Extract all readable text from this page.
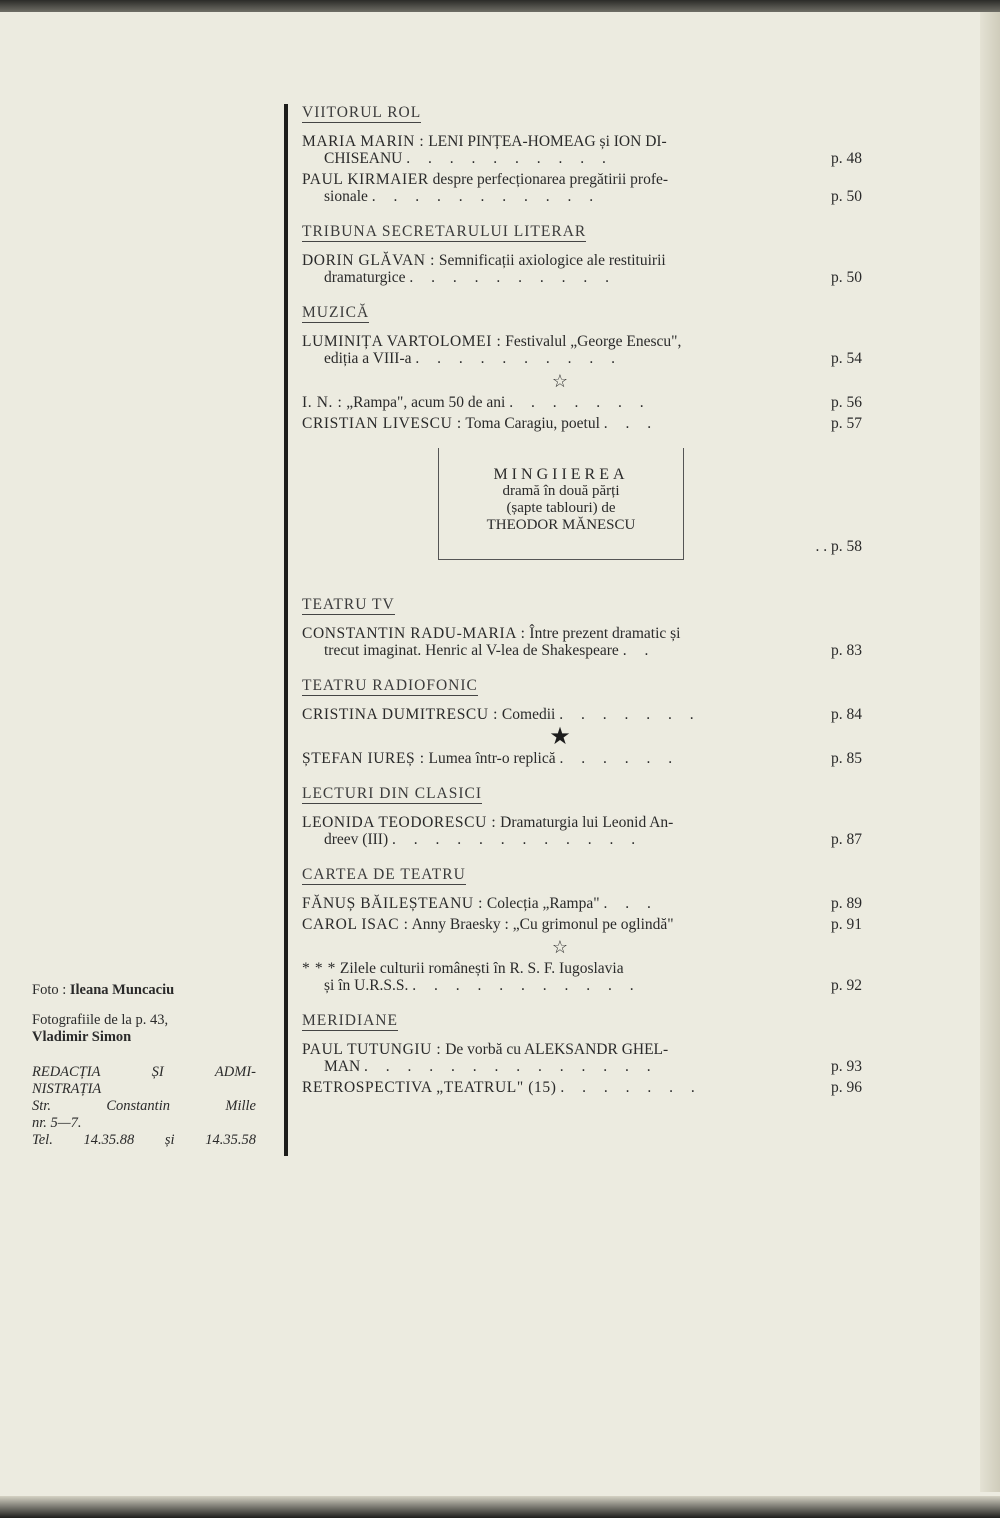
Foto : Ileana Muncaciu

Fotografiile de la p. 43,
Vladimir Simon

REDACȚIA	ȘI	ADMI-

NISTRAȚIA

Str.	Constantin	Mille

nr. 5—7.

Tel. 14.35.88 și 14.35.58

VIITORUL ROL
MARIA MARIN : LENI PINȚEA-HOMEAG și ION DI-
CHISEANU . . . . . . . . . .	p. 48
PAUL KIRMAIER despre perfecționarea pregătirii profe-
sionale . . . . . . . . . . .	p. 50
TRIBUNA SECRETARULUI LITERAR
DORIN GLĂVAN : Semnificații axiologice ale restituirii
dramaturgice . . . . . . . . . .	p. 50
MUZICĂ
LUMINIȚA VARTOLOMEI : Festivalul „George Enescu",
ediția a VIII-a . . . . . . . . . .	p. 54
☆
I. N. : „Rampa", acum 50 de ani . . . . . . .	p. 56
CRISTIAN LIVESCU : Toma Caragiu, poetul . . .	p. 57
MINGIIEREA
dramă în două părți
(șapte tablouri) de
THEODOR MĂNESCU
. . p. 58
TEATRU TV
CONSTANTIN RADU-MARIA : Între prezent dramatic și
trecut imaginat. Henric al V-lea de Shakespeare . .	p. 83
TEATRU RADIOFONIC
CRISTINA DUMITRESCU : Comedii . . . . . . .	p. 84
★
ȘTEFAN IUREȘ : Lumea într-o replică . . . . . .	p. 85
LECTURI DIN CLASICI
LEONIDA TEODORESCU : Dramaturgia lui Leonid An-
dreev (III) . . . . . . . . . . . .	p. 87
CARTEA DE TEATRU
FĂNUȘ BĂILEȘTEANU : Colecția „Rampa" . . .	p. 89
CAROL ISAC : Anny Braesky : „Cu grimonul pe oglindă"	p. 91
☆
* * * Zilele culturii românești în R. S. F. Iugoslavia
și în U.R.S.S. . . . . . . . . . . .	p. 92
MERIDIANE
PAUL TUTUNGIU : De vorbă cu ALEKSANDR GHEL-
MAN . . . . . . . . . . . . . .	p. 93
RETROSPECTIVA „TEATRUL" (15) . . . . . . .	p. 96
